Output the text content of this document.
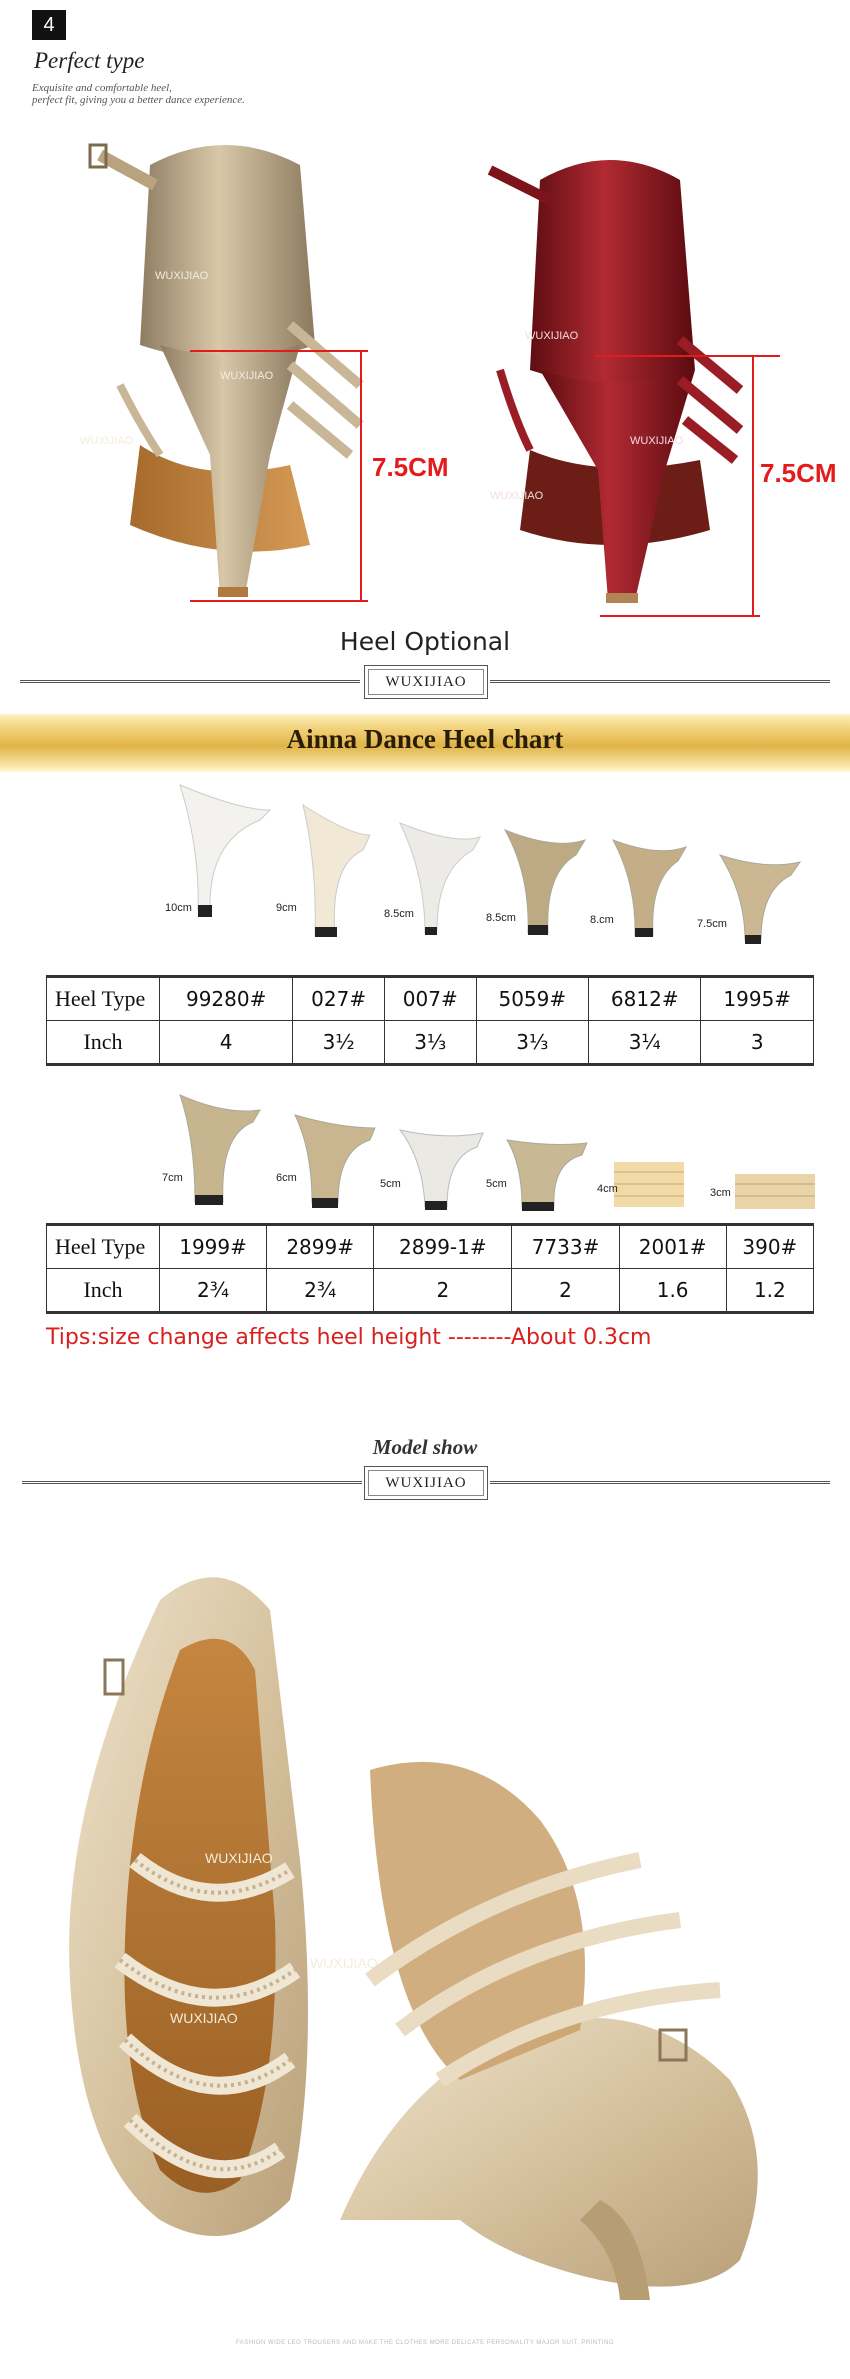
4
Perfect type
Exquisite and comfortable heel,
perfect fit, giving you a better dance experience.
WUXIJIAO
WUXIJIAO
WUXIJIAO
7.5CM
WUXIJIAO
WUXIJIAO
WUXIJIAO
7.5CM
Heel Optional
WUXIJIAO
Ainna Dance Heel chart
10cm	9cm	8.5cm	8.5cm	8.cm	7.5cm
Heel Type	99280#	027#	007#	5059#	6812#	1995#
Inch	4	3½	3⅓	3⅓	3¼	3
7cm	6cm	5cm	5cm	4cm	3cm
Heel Type	1999#	2899#	2899-1#	7733#	2001#	390#
Inch	2¾	2¾	2	2	1.6	1.2
Tips:size change affects heel height --------About 0.3cm
Model show
WUXIJIAO
WUXIJIAO
WUXIJIAO
WUXIJIAO
FASHION WIDE LEG TROUSERS AND MAKE THE CLOTHES MORE DELICATE PERSONALITY MAJOR SUIT, PRINTING
